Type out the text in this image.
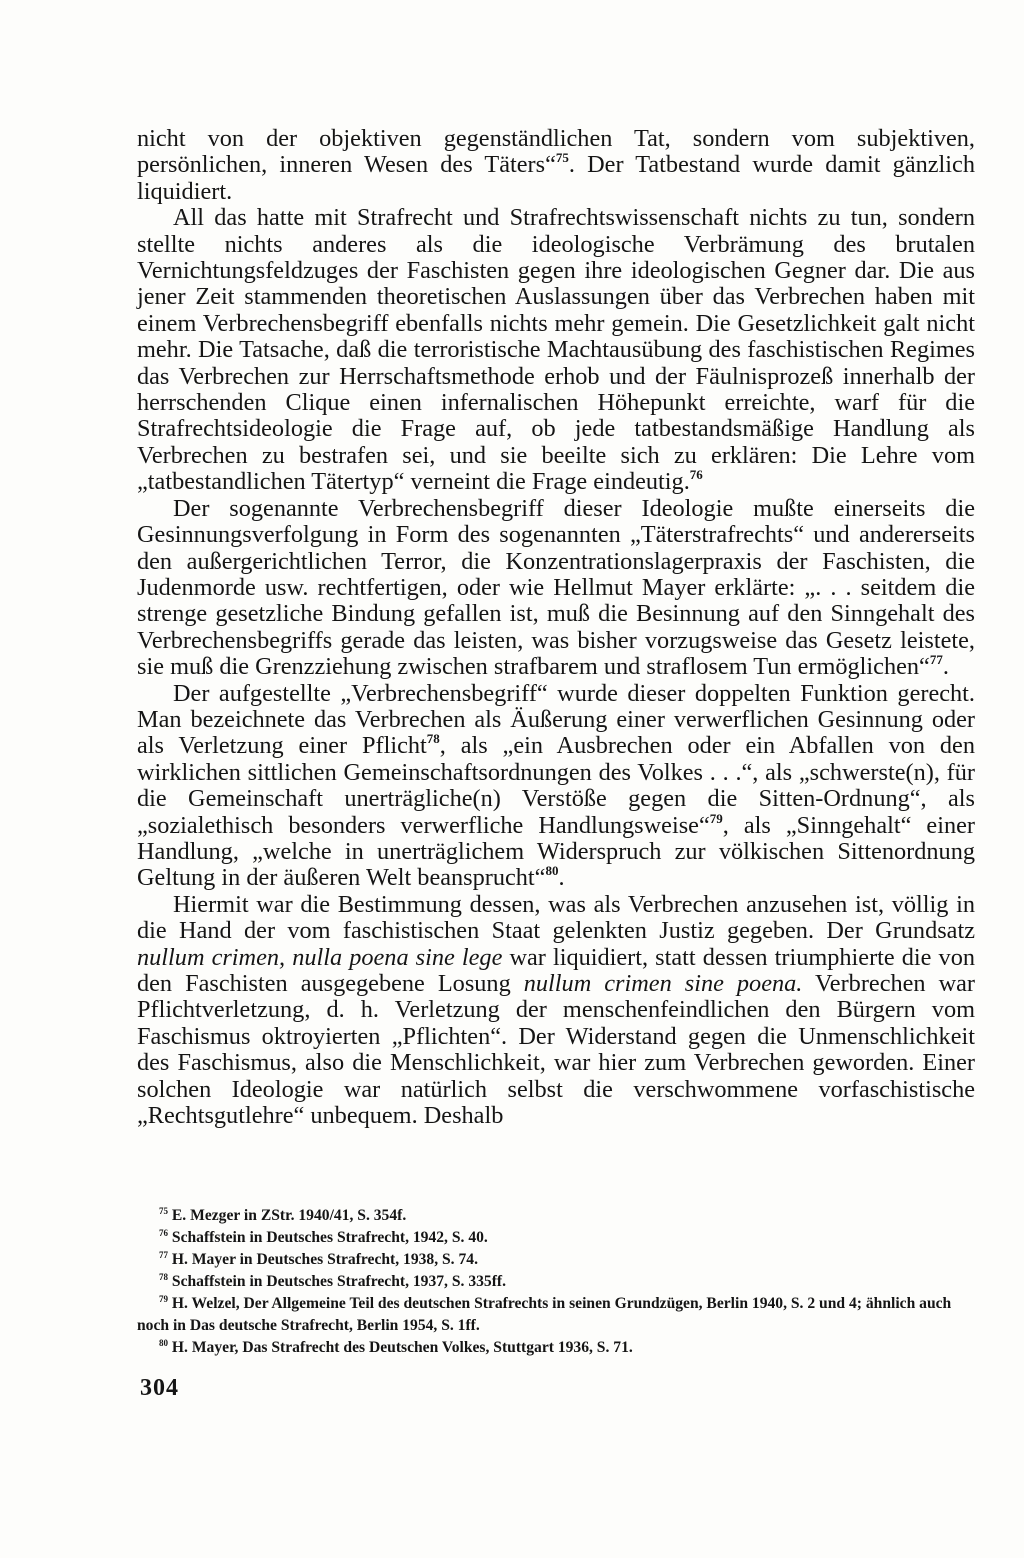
nicht von der objektiven gegenständlichen Tat, sondern vom subjektiven, persönlichen, inneren Wesen des Täters“$^{75}$. Der Tatbestand wurde damit gänzlich liquidiert.

All das hatte mit Strafrecht und Strafrechtswissenschaft nichts zu tun, sondern stellte nichts anderes als die ideologische Verbrämung des brutalen Vernichtungsfeldzuges der Faschisten gegen ihre ideologischen Gegner dar. Die aus jener Zeit stammenden theoretischen Auslassungen über das Verbrechen haben mit einem Verbrechensbegriff ebenfalls nichts mehr gemein. Die Gesetzlichkeit galt nicht mehr. Die Tatsache, daß die terroristische Machtausübung des faschistischen Regimes das Verbrechen zur Herrschaftsmethode erhob und der Fäulnisprozeß innerhalb der herrschenden Clique einen infernalischen Höhepunkt erreichte, warf für die Strafrechtsideologie die Frage auf, ob jede tatbestandsmäßige Handlung als Verbrechen zu bestrafen sei, und sie beeilte sich zu erklären: Die Lehre vom „tatbestandlichen Tätertyp“ verneint die Frage eindeutig.$^{76}$

Der sogenannte Verbrechensbegriff dieser Ideologie mußte einerseits die Gesinnungsverfolgung in Form des sogenannten „Täterstrafrechts“ und andererseits den außergerichtlichen Terror, die Konzentrationslagerpraxis der Faschisten, die Judenmorde usw. rechtfertigen, oder wie Hellmut Mayer erklärte: „. . . seitdem die strenge gesetzliche Bindung gefallen ist, muß die Besinnung auf den Sinngehalt des Verbrechensbegriffs gerade das leisten, was bisher vorzugsweise das Gesetz leistete, sie muß die Grenzziehung zwischen strafbarem und straflosem Tun ermöglichen“$^{77}$.

Der aufgestellte „Verbrechensbegriff“ wurde dieser doppelten Funktion gerecht. Man bezeichnete das Verbrechen als Äußerung einer verwerflichen Gesinnung oder als Verletzung einer Pflicht$^{78}$, als „ein Ausbrechen oder ein Abfallen von den wirklichen sittlichen Gemeinschaftsordnungen des Volkes . . .“, als „schwerste(n), für die Gemeinschaft unerträgliche(n) Verstöße gegen die Sitten-Ordnung“, als „sozialethisch besonders verwerfliche Handlungsweise“$^{79}$, als „Sinngehalt“ einer Handlung, „welche in unerträglichem Widerspruch zur völkischen Sittenordnung Geltung in der äußeren Welt beansprucht“$^{80}$.

Hiermit war die Bestimmung dessen, was als Verbrechen anzusehen ist, völlig in die Hand der vom faschistischen Staat gelenkten Justiz gegeben. Der Grundsatz nullum crimen, nulla poena sine lege war liquidiert, statt dessen triumphierte die von den Faschisten ausgegebene Losung nullum crimen sine poena. Verbrechen war Pflichtverletzung, d. h. Verletzung der menschenfeindlichen den Bürgern vom Faschismus oktroyierten „Pflichten“. Der Widerstand gegen die Unmenschlichkeit des Faschismus, also die Menschlichkeit, war hier zum Verbrechen geworden. Einer solchen Ideologie war natürlich selbst die verschwommene vorfaschistische „Rechtsgutlehre“ unbequem. Deshalb

$^{75}$ E. Mezger in ZStr. 1940/41, S. 354f.
$^{76}$ Schaffstein in Deutsches Strafrecht, 1942, S. 40.
$^{77}$ H. Mayer in Deutsches Strafrecht, 1938, S. 74.
$^{78}$ Schaffstein in Deutsches Strafrecht, 1937, S. 335ff.
$^{79}$ H. Welzel, Der Allgemeine Teil des deutschen Strafrechts in seinen Grundzügen, Berlin 1940, S. 2 und 4; ähnlich auch noch in Das deutsche Strafrecht, Berlin 1954, S. 1ff.
$^{80}$ H. Mayer, Das Strafrecht des Deutschen Volkes, Stuttgart 1936, S. 71.
304
